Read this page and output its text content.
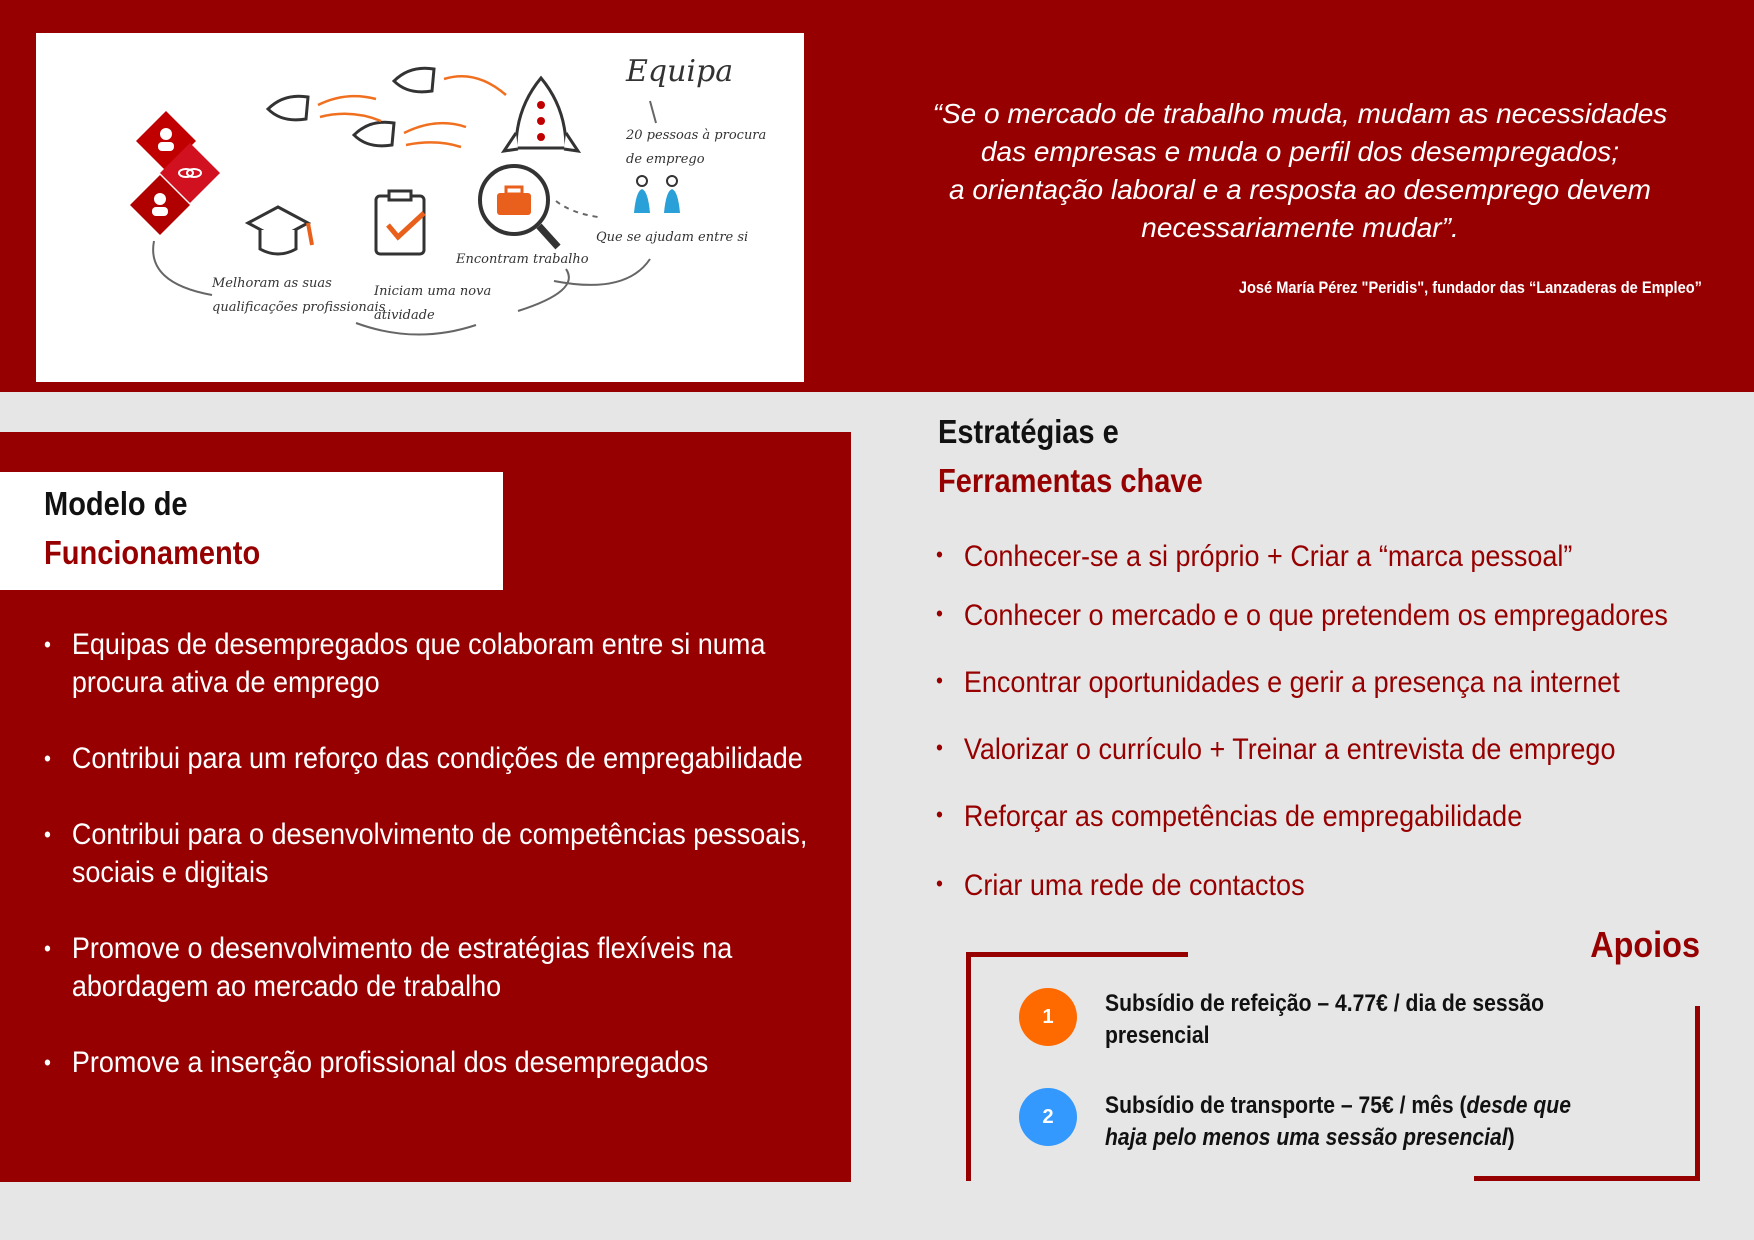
Equipa
20 pessoas à procura
de emprego
Que se ajudam entre si
Encontram trabalho
Iniciam uma nova
atividade
Melhoram as suas
qualificações profissionais

“Se o mercado de trabalho muda, mudam as necessidades

das empresas e muda o perfil dos desempregados;

a orientação laboral e a resposta ao desemprego devem

necessariamente mudar”.

José María Pérez "Peridis", fundador das “Lanzaderas de Empleo”
Modelo de
Funcionamento
• Equipas de desempregados que colaboram entre si numa procura ativa de emprego
• Contribui para um reforço das condições de empregabilidade
• Contribui para o desenvolvimento de competências pessoais, sociais e digitais
• Promove o desenvolvimento de estratégias flexíveis na abordagem ao mercado de trabalho
• Promove a inserção profissional dos desempregados
Estratégias e
Ferramentas chave
• Conhecer-se a si próprio + Criar a “marca pessoal”
• Conhecer o mercado e o que pretendem os empregadores
• Encontrar oportunidades e gerir a presença na internet
• Valorizar o currículo + Treinar a entrevista de emprego
• Reforçar as competências de empregabilidade
• Criar uma rede de contactos
Apoios
1	Subsídio de refeição – 4.77€ / dia de sessão presencial
2	Subsídio de transporte – 75€ / mês (desde que haja pelo menos uma sessão presencial)
